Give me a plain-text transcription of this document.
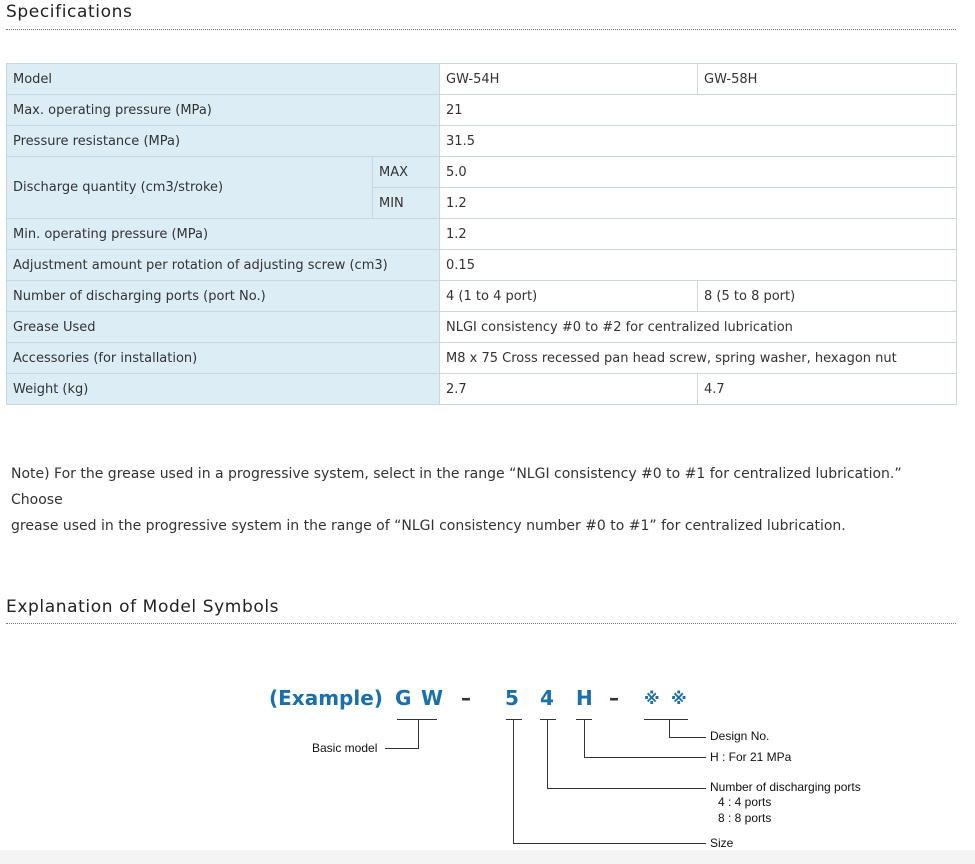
Specifications
Model		GW-54H	GW-58H
Max. operating pressure (MPa)		21	
Pressure resistance (MPa)		31.5	
Discharge quantity (cm3/stroke)	MAX	5.0	
	MIN	1.2	
Min. operating pressure (MPa)		1.2	
Adjustment amount per rotation of adjusting screw (cm3)		0.15	
Number of discharging ports (port No.)		4 (1 to 4 port)	8 (5 to 8 port)
Grease Used		NLGI consistency #0 to #2 for centralized lubrication	
Accessories (for installation)		M8 x 75 Cross recessed pan head screw, spring washer, hexagon nut	
Weight (kg)		2.7	4.7
Note) For the grease used in a progressive system, select in the range “NLGI consistency #0 to #1 for centralized lubrication.” Choose
grease used in the progressive system in the range of “NLGI consistency number #0 to #1” for centralized lubrication.
Explanation of Model Symbols
(Example) G W – 5 4 H – ※ ※
Basic model
Design No.
H : For 21 MPa
Number of discharging ports
4 : 4 ports
8 : 8 ports
Size
